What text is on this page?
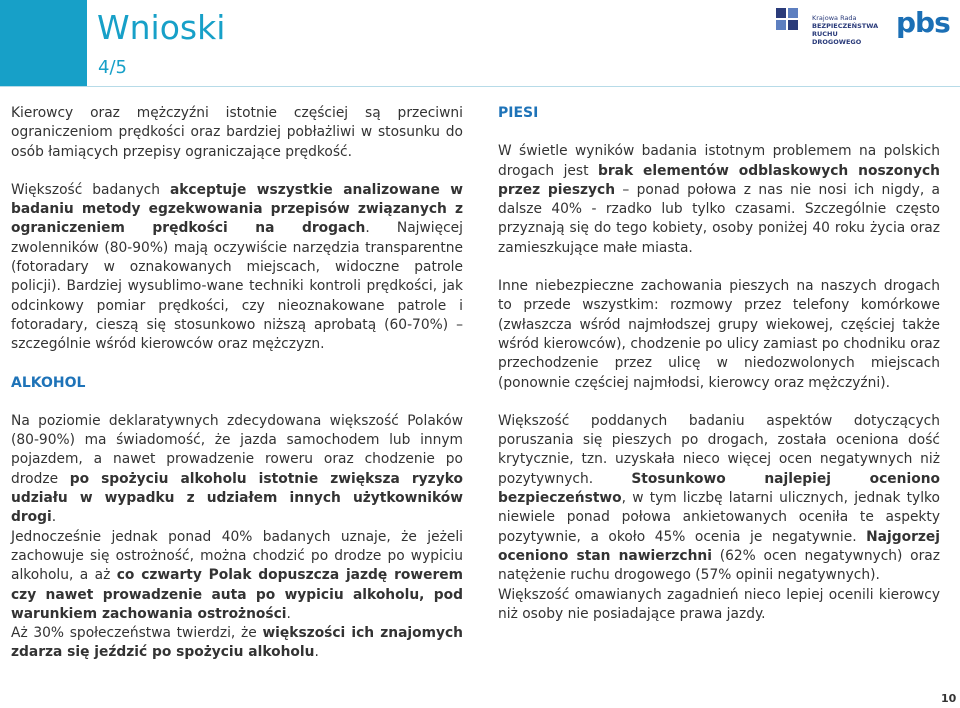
Wnioski
4/5
Krajowa Rada
BEZPIECZEŃSTWA
RUCHU DROGOWEGO
pbs

Kierowcy oraz mężczyźni istotnie częściej są przeciwni ograniczeniom prędkości oraz bardziej pobłażliwi w stosunku do osób łamiących przepisy ograniczające prędkość.

Większość badanych akceptuje wszystkie analizowane w badaniu metody egzekwowania przepisów związanych z ograniczeniem prędkości na drogach. Najwięcej zwolenników (80-90%) mają oczywiście narzędzia transparentne (fotoradary w oznakowanych miejscach, widoczne patrole policji). Bardziej wysublimo-wane techniki kontroli prędkości, jak odcinkowy pomiar prędkości, czy nieoznakowane patrole i fotoradary, cieszą się stosunkowo niższą aprobatą (60-70%) – szczególnie wśród kierowców oraz mężczyzn.

ALKOHOL

Na poziomie deklaratywnych zdecydowana większość Polaków (80-90%) ma świadomość, że jazda samochodem lub innym pojazdem, a nawet prowadzenie roweru oraz chodzenie po drodze po spożyciu alkoholu istotnie zwiększa ryzyko udziału w wypadku z udziałem innych użytkowników drogi.

Jednocześnie jednak ponad 40% badanych uznaje, że jeżeli zachowuje się ostrożność, można chodzić po drodze po wypiciu alkoholu, a aż co czwarty Polak dopuszcza jazdę rowerem czy nawet prowadzenie auta po wypiciu alkoholu, pod warunkiem zachowania ostrożności.

Aż 30% społeczeństwa twierdzi, że większości ich znajomych zdarza się jeździć po spożyciu alkoholu.

PIESI

W świetle wyników badania istotnym problemem na polskich drogach jest brak elementów odblaskowych noszonych przez pieszych – ponad połowa z nas nie nosi ich nigdy, a dalsze 40% - rzadko lub tylko czasami. Szczególnie często przyznają się do tego kobiety, osoby poniżej 40 roku życia oraz zamieszkujące małe miasta.

Inne niebezpieczne zachowania pieszych na naszych drogach to przede wszystkim: rozmowy przez telefony komórkowe (zwłaszcza wśród najmłodszej grupy wiekowej, częściej także wśród kierowców), chodzenie po ulicy zamiast po chodniku oraz przechodzenie przez ulicę w niedozwolonych miejscach (ponownie częściej najmłodsi, kierowcy oraz mężczyźni).

Większość poddanych badaniu aspektów dotyczących poruszania się pieszych po drogach, została oceniona dość krytycznie, tzn. uzyskała nieco więcej ocen negatywnych niż pozytywnych. Stosunkowo najlepiej oceniono bezpieczeństwo, w tym liczbę latarni ulicznych, jednak tylko niewiele ponad połowa ankietowanych oceniła te aspekty pozytywnie, a około 45% ocenia je negatywnie. Najgorzej oceniono stan nawierzchni (62% ocen negatywnych) oraz natężenie ruchu drogowego (57% opinii negatywnych).

Większość omawianych zagadnień nieco lepiej ocenili kierowcy niż osoby nie posiadające prawa jazdy.

10
